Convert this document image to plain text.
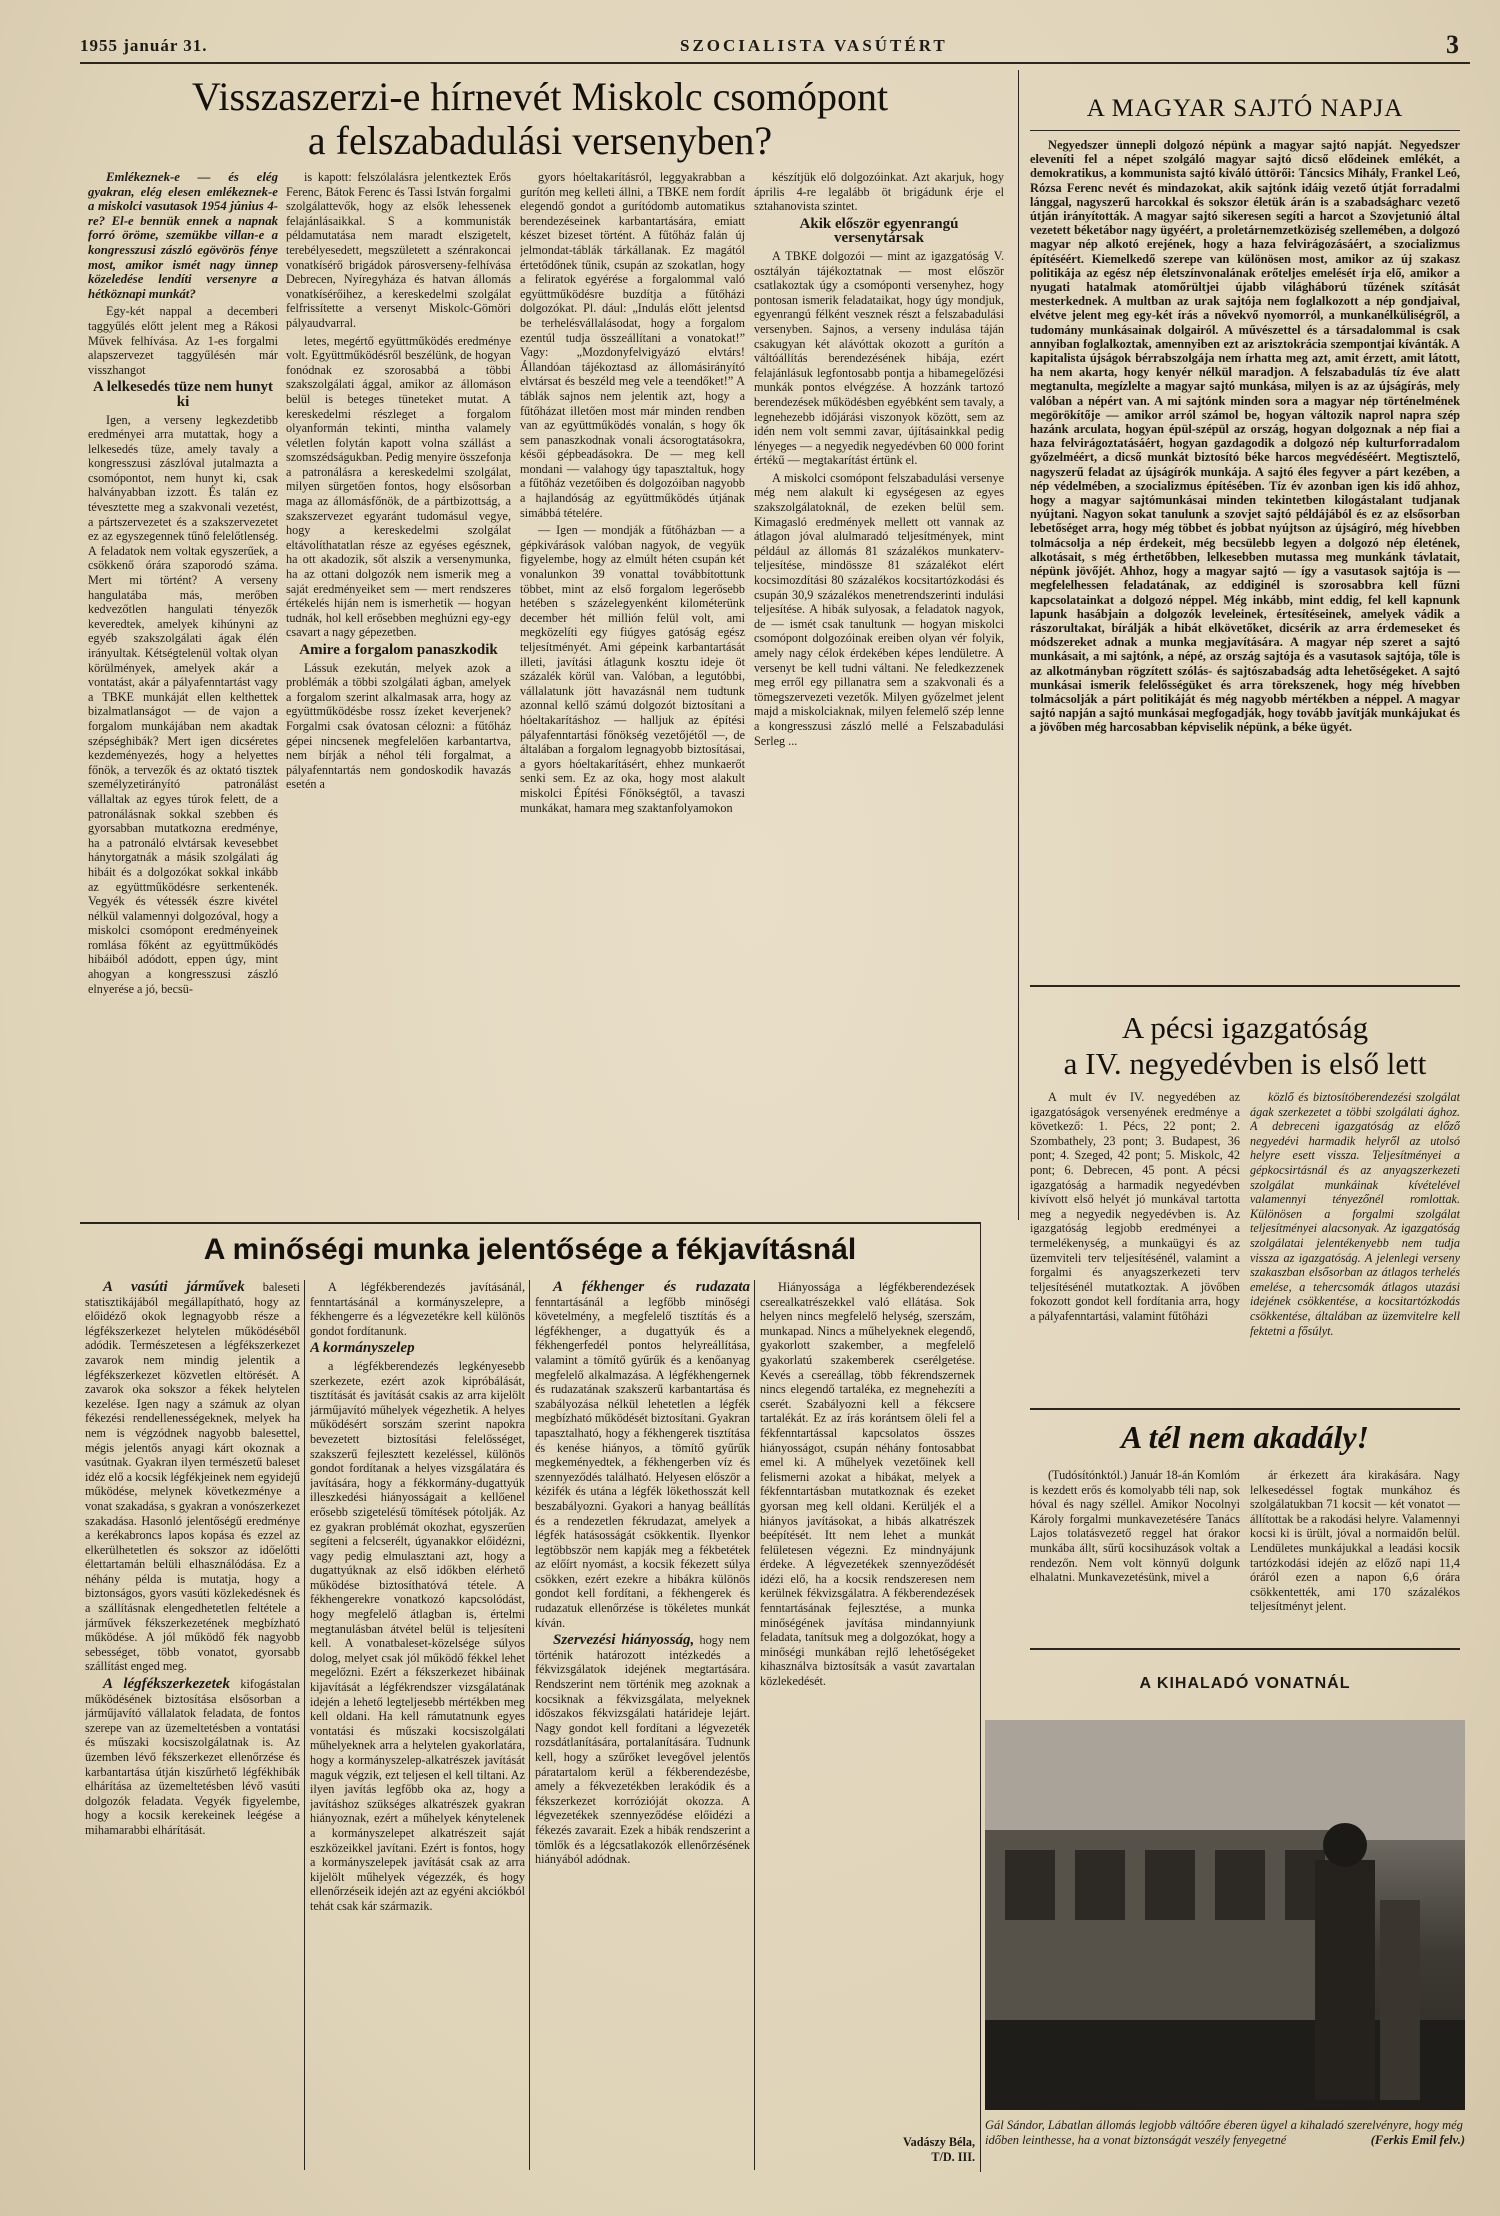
1955 január 31.	SZOCIALISTA VASÚTÉRT	3
Visszaszerzi-e hírnevét Miskolc csomópont
a felszabadulási versenyben?

Emlékeznek-e — és elég gyakran, elég elesen emlékeznek-e a miskolci vasutasok 1954 június 4-re? El-e bennük ennek a napnak forró öröme, szemükbe villan-e a kongresszusi zászló egövörös fénye most, amikor ismét nagy ünnep közeledése lendíti versenyre a hétköznapi munkát?

Egy-két nappal a decemberi taggyűlés előtt jelent meg a Rákosi Művek felhívása. Az 1-es forgalmi alapszervezet taggyűlésén már visszhangot

A lelkesedés tüze nem hunyt ki

Igen, a verseny legkezdetibb eredményei arra mutattak, hogy a lelkesedés tüze, amely tavaly a kongresszusi zászlóval jutalmazta a csomópontot, nem hunyt ki, csak halványabban izzott. És talán ez tévesztette meg a szakvonali vezetést, a pártszervezetet és a szakszervezetet ez az egyszegennek tűnő felelőtlenség. A feladatok nem voltak egyszerűek, a csökkenő órára szaporodó száma. Mert mi történt? A verseny hangulatába más, merőben kedvezőtlen hangulati tényezők keveredtek, amelyek kihúnyni az egyéb szakszolgálati ágak élén irányultak. Kétségtelenül voltak olyan körülmények, amelyek akár a vontatást, akár a pályafenntartást vagy a TBKE munkáját ellen kelthettek bizalmatlanságot — de vajon a forgalom munkájában nem akadtak szépséghibák? Mert igen dicséretes kezdeményezés, hogy a helyettes főnök, a tervezők és az oktató tisztek személyzetirányító patronálást vállaltak az egyes túrok felett, de a patronálásnak sokkal szebben és gyorsabban mutatkozna eredménye, ha a patronáló elvtársak kevesebbet hánytorgatnák a másik szolgálati ág hibáit és a dolgozókat sokkal inkább az együttműködésre serkentenék. Vegyék és vétessék észre kivétel nélkül valamennyi dolgozóval, hogy a miskolci csomópont eredményeinek romlása főként az együttműködés hibáiból adódott, eppen úgy, mint ahogyan a kongresszusi zászló elnyerése a jó, becsü-

is kapott: felszólalásra jelentkeztek Erős Ferenc, Bátok Ferenc és Tassi István forgalmi szolgálattevők, hogy az elsők lehessenek felajánlásaikkal. S a kommunisták példamutatása nem maradt elszigetelt, terebélyesedett, megszületett a szénrakoncai vonatkísérő brigádok párosverseny-felhívása Debrecen, Nyíregyháza és hatvan állomás vonatkísérőihez, a kereskedelmi szolgálat felfrissítette a versenyt Miskolc-Gömöri pályaudvarral.

letes, megértő együttműködés eredménye volt. Együttműködésről beszélünk, de hogyan fonódnak ez szorosabbá a többi szakszolgálati ággal, amikor az állomáson belül is beteges tüneteket mutat. A kereskedelmi részleget a forgalom olyanformán tekinti, mintha valamely véletlen folytán kapott volna szállást a szomszédságukban. Pedig menyire összefonja a patronálásra a kereskedelmi szolgálat, milyen sürgetően fontos, hogy elsősorban maga az állomásfőnök, de a pártbizottság, a szakszervezet egyaránt tudomásul vegye, hogy a kereskedelmi szolgálat eltávolíthatatlan része az egyéses egésznek, ha ott akadozik, sőt alszik a versenymunka, ha az ottani dolgozók nem ismerik meg a saját eredményeiket sem — mert rendszeres értékelés hiján nem is ismerhetik — hogyan tudnák, hol kell erősebben meghúzni egy-egy csavart a nagy gépezetben.

Amire a forgalom panaszkodik

Lássuk ezekután, melyek azok a problémák a többi szolgálati ágban, amelyek a forgalom szerint alkalmasak arra, hogy az együttműködésbe rossz ízeket keverjenek? Forgalmi csak óvatosan célozni: a fűtőház gépei nincsenek megfelelően karbantartva, nem bírják a néhol téli forgalmat, a pályafenntartás nem gondoskodik havazás esetén a

gyors hóeltakarításról, leggyakrabban a gurítón meg kelleti állni, a TBKE nem fordít elegendő gondot a gurítódomb automatikus berendezéseinek karbantartására, emiatt készet bizeset történt. A fűtőház falán új jelmondat-táblák tárkállanak. Ez magától értetődőnek tűnik, csupán az szokatlan, hogy a feliratok egyérése a forgalommal való együttműködésre buzdítja a fűtőházi dolgozókat. Pl. dául: „Indulás előtt jelentsd be terhelésvállalásodat, hogy a forgalom ezentúl tudja összeállítani a vonatokat!” Vagy: „Mozdonyfelvigyázó elvtárs! Állandóan tájékoztasd az állomásirányító elvtársat és beszéld meg vele a teendőket!” A táblák sajnos nem jelentik azt, hogy a fűtőházat illetően most már minden rendben van az együttműködés vonalán, s hogy ők sem panaszkodnak vonali ácsorogtatásokra, késői gépbeadásokra. De — meg kell mondani — valahogy úgy tapasztaltuk, hogy a fűtőház vezetőiben és dolgozóiban nagyobb a hajlandóság az együttműködés útjának simábbá tételére.

— Igen — mondják a fűtőházban — a gépkivárások valóban nagyok, de vegyük figyelembe, hogy az elmúlt héten csupán két vonalunkon 39 vonattal továbbítottunk többet, mint az első forgalom legerősebb hetében s százelegyenként kilométerünk december hét millión felül volt, ami megközelíti egy fiúgyes gatóság egész teljesítményét. Ami gépeink karbantartását illeti, javítási átlagunk kosztu ideje öt százalék körül van. Valóban, a legutóbbi, vállalatunk jött havazásnál nem tudtunk azonnal kellő számú dolgozót biztosítani a hóeltakarításhoz — halljuk az építési pályafenntartási főnökség vezetőjétől —, de általában a forgalom legnagyobb biztosításai, a gyors hóeltakarításért, ehhez munkaerőt senki sem. Ez az oka, hogy most alakult miskolci Építési Főnökségtől, a tavaszi munkákat, hamara meg szaktanfolyamokon

készítjük elő dolgozóinkat. Azt akarjuk, hogy április 4-re legalább öt brigádunk érje el sztahanovista szintet.

Akik először egyenrangú versenytársak

A TBKE dolgozói — mint az igazgatóság V. osztályán tájékoztatnak — most először csatlakoztak úgy a csomóponti versenyhez, hogy pontosan ismerik feladataikat, hogy úgy mondjuk, egyenrangú félként vesznek részt a felszabadulási versenyben. Sajnos, a verseny indulása táján csakugyan két alávóttak okozott a gurítón a váltóállítás berendezésének hibája, ezért felajánlásuk legfontosabb pontja a hibamegelőzési munkák pontos elvégzése. A hozzánk tartozó berendezések működésben egyébként sem tavaly, a legnehezebb időjárási viszonyok között, sem az idén nem volt semmi zavar, újításainkkal pedig lényeges — a negyedik negyedévben 60 000 forint értékű — megtakarítást értünk el.

A miskolci csomópont felszabadulási versenye még nem alakult ki egységesen az egyes szakszolgálatoknál, de ezeken belül sem. Kimagasló eredmények mellett ott vannak az átlagon jóval alulmaradó teljesítmények, mint például az állomás 81 százalékos munkaterv-teljesítése, mindössze 81 százalékot elért kocsimozdítási 80 százalékos kocsitartózkodási és csupán 30,9 százalékos menetrendszerinti indulási teljesítése. A hibák sulyosak, a feladatok nagyok, de — ismét csak tanultunk — hogyan miskolci csomópont dolgozóinak ereiben olyan vér folyik, amely nagy célok érdekében képes lendületre. A versenyt be kell tudni váltani. Ne feledkezzenek meg erről egy pillanatra sem a szakvonali és a tömegszervezeti vezetők. Milyen győzelmet jelent majd a miskolciaknak, milyen felemelő szép lenne a kongresszusi zászló mellé a Felszabadulási Serleg ...

A MAGYAR SAJTÓ NAPJA

Negyedszer ünnepli dolgozó népünk a magyar sajtó napját. Negyedszer eleveníti fel a népet szolgáló magyar sajtó dicső elődeinek emlékét, a demokratikus, a kommunista sajtó kiváló úttörői: Táncsics Mihály, Frankel Leó, Rózsa Ferenc nevét és mindazokat, akik sajtónk idáig vezető útját forradalmi lánggal, nagyszerű harcokkal és sokszor életük árán is a szabadságharc vezető útján irányították. A magyar sajtó sikeresen segíti a harcot a Szovjetunió által vezetett béketábor nagy ügyéért, a proletárnemzetköziség szellemében, a dolgozó magyar nép alkotó erejének, hogy a haza felvirágozásáért, a szocializmus építéséért. Kiemelkedő szerepe van különösen most, amikor az új szakasz politikája az egész nép életszínvonalának erőteljes emelését írja elő, amikor a nyugati hatalmak atomőrültjei újabb világháború tűzének szítását mesterkednek. A multban az urak sajtója nem foglalkozott a nép gondjaival, elvétve jelent meg egy-két írás a nővekvő nyomorról, a munkanélküliségről, a tudomány munkásainak dolgairól. A művészettel és a társadalommal is csak annyiban foglalkoztak, amennyiben ezt az arisztokrácia szempontjai kívánták. A kapitalista újságok bérrabszolgája nem írhatta meg azt, amit érzett, amit látott, ha nem akarta, hogy kenyér nélkül maradjon. A felszabadulás tíz éve alatt megtanulta, megízlelte a magyar sajtó munkása, milyen is az az újságírás, mely valóban a népért van. A mi sajtónk minden sora a magyar nép történelmének megörökítője — amikor arról számol be, hogyan változik naprol napra szép hazánk arculata, hogyan épül-szépül az ország, hogyan dolgoznak a nép fiai a haza felvirágoztatásáért, hogyan gazdagodik a dolgozó nép kulturforradalom győzelméért, a dicső munkát biztosító béke harcos megvédéséért. Megtisztelő, nagyszerű feladat az újságírók munkája. A sajtó éles fegyver a párt kezében, a nép védelmében, a szocializmus építésében. Tíz év azonban igen kis idő ahhoz, hogy a magyar sajtómunkásai minden tekintetben kilogástalant tudjanak nyújtani. Nagyon sokat tanulunk a szovjet sajtó példájából és ez az elsősorban lebetőséget arra, hogy még többet és jobbat nyújtson az újságíró, még hívebben tolmácsolja a nép érdekeit, még becsülebb legyen a dolgozó nép életének, alkotásait, s még érthetőbben, lelkesebben mutassa meg munkánk távlatait, népünk jövőjét. Ahhoz, hogy a magyar sajtó — így a vasutasok sajtója is — megfelelhessen feladatának, az eddiginél is szorosabbra kell fűzni kapcsolatainkat a dolgozó néppel. Még inkább, mint eddig, fel kell kapnunk lapunk hasábjain a dolgozók leveleinek, értesítéseinek, amelyek vádik a rászorultakat, bírálják a hibát elkövetőket, dicsérik az arra érdemeseket és módszereket adnak a munka megjavítására. A magyar nép szeret a sajtó munkásait, a mi sajtónk, a népé, az ország sajtója és a vasutasok sajtója, tőle is az alkotmányban rögzített szólás- és sajtószabadság adta lehetőségeket. A sajtó munkásai ismerik felelősségüket és arra törekszenek, hogy még hívebben tolmácsolják a párt politikáját és még nagyobb mértékben a néppel. A magyar sajtó napján a sajtó munkásai megfogadják, hogy tovább javítják munkájukat és a jövőben még harcosabban képviselik népünk, a béke ügyét.

A pécsi igazgatóság
a IV. negyedévben is első lett

A mult év IV. negyedében az igazgatóságok versenyének eredménye a következő: 1. Pécs, 22 pont; 2. Szombathely, 23 pont; 3. Budapest, 36 pont; 4. Szeged, 42 pont; 5. Miskolc, 42 pont; 6. Debrecen, 45 pont. A pécsi igazgatóság a harmadik negyedévben kivívott első helyét jó munkával tartotta meg a negyedik negyedévben is. Az igazgatóság legjobb eredményei a termelékenység, a munkaügyi és az üzemviteli terv teljesítésénél, valamint a forgalmi és anyagszerkezeti terv teljesítésénél mutatkoztak. A jövőben fokozott gondot kell fordítania arra, hogy a pályafenntartási, valamint fűtőházi

közlő és biztosítóberendezési szolgálat ágak szerkezetet a többi szolgálati ághoz. A debreceni igazgatóság az előző negyedévi harmadik helyről az utolsó helyre esett vissza. Teljesítményei a gépkocsirtásnál és az anyagszerkezeti szolgálat munkáinak kívételével valamennyi tényezőnél romlottak. Különösen a forgalmi szolgálat teljesítményei alacsonyak. Az igazgatóság szolgálatai jelentékenyebb nem tudja vissza az igazgatóság. A jelenlegi verseny szakaszban elsősorban az átlagos terhelés emelése, a tehercsomák átlagos utazási idejének csökkentése, a kocsitartózkodás csökkentése, általában az üzemvitelre kell fektetni a fősúlyt.

A tél nem akadály!

(Tudósítónktól.) Január 18-án Komlóm is kezdett erős és komolyabb téli nap, sok hóval és nagy széllel. Amikor Nocolnyi Károly forgalmi munkavezetésére Tanács Lajos tolatásvezető reggel hat órakor munkába állt, sűrű kocsihuzások voltak a rendezőn. Nem volt könnyű dolgunk elhalatni. Munkavezetésünk, mivel a

ár érkezett ára kirakására. Nagy lelkesedéssel fogtak munkához és szolgálatukban 71 kocsit — két vonatot — állítottak be a rakodási helyre. Valamennyi kocsi ki is ürült, jóval a normaidőn belül. Lendületes munkájukkal a leadási kocsik tartózkodási idején az előző napi 11,4 óráról ezen a napon 6,6 órára csökkentették, ami 170 százalékos teljesítményt jelent.

A KIHALADÓ VONATNÁL
Gál Sándor, Lábatlan állomás legjobb váltóőre éberen ügyel a kihaladó szerelvényre, hogy még időben leinthesse, ha a vonat biztonságát veszély fenyegetné	(Ferkis Emil felv.)
A minőségi munka jelentősége a fékjavításnál

A vasúti járművek baleseti statisztikájából megállapítható, hogy az előidéző okok legnagyobb része a légfékszerkezet helytelen működéséből adódik. Természetesen a légfékszerkezet zavarok nem mindig jelentik a légfékszerkezet közvetlen eltörését. A zavarok oka sokszor a fékek helytelen kezelése. Igen nagy a számuk az olyan fékezési rendellenességeknek, melyek ha nem is végzódnek nagyobb balesettel, mégis jelentős anyagi kárt okoznak a vasútnak. Gyakran ilyen természetű baleset idéz elő a kocsik légfékjeinek nem egyidejű működése, melynek következménye a vonat szakadása, s gyakran a vonószerkezet szakadása. Hasonló jelentőségű eredménye a kerékabroncs lapos kopása és ezzel az elkerülhetetlen és sokszor az időelőtti élettartamán belüli elhasználódása. Ez a néhány példa is mutatja, hogy a biztonságos, gyors vasúti közlekedésnek és a szállításnak elengedhetetlen feltétele a járművek fékszerkezetének megbízható működése. A jól működő fék nagyobb sebességet, több vonatot, gyorsabb szállítást enged meg.

A légfékszerkezetek kifogástalan működésének biztosítása elsősorban a járműjavító vállalatok feladata, de fontos szerepe van az üzemeltetésben a vontatási és műszaki kocsiszolgálatnak is. Az üzemben lévő fékszerkezet ellenőrzése és karbantartása útján kiszűrhető légfékhibák elhárítása az üzemeltetésben lévő vasúti dolgozók feladata. Vegyék figyelembe, hogy a kocsik kerekeinek leégése a mihamarabbi elhárítását.

A légfékberendezés javításánál, fenntartásánál a kormányszelepre, a fékhengerre és a légvezetékre kell különös gondot fordítanunk.

A kormányszelep

a légfékberendezés legkényesebb szerkezete, ezért azok kipróbálását, tisztítását és javítását csakis az arra kijelölt járműjavító műhelyek végezhetik. A helyes működésért sorszám szerint napokra bevezetett biztosítási felelősséget, szakszerű fejlesztett kezeléssel, különös gondot fordítanak a helyes vizsgálatára és javítására, hogy a fékkormány-dugattyúk illeszkedési hiányosságait a kellőenel erősebb szigetelésű tömítések pótolják. Az ez gyakran problémát okozhat, egyszerűen segíteni a felcserélt, úgyanakkor előidézni, vagy pedig elmulasztani azt, hogy a dugattyúknak az első időkben elérhető működése biztosíthatóvá tétele. A fékhengerekre vonatkozó kapcsolódást, hogy megfelelő átlagban is, értelmi megtanulásban átvétel belül is teljesíteni kell. A vonatbaleset-közelsége súlyos dolog, melyet csak jól működő fékkel lehet megelőzni. Ezért a fékszerkezet hibáinak kijavítását a légfékrendszer vizsgálatának idején a lehető legteljesebb mértékben meg kell oldani. Ha kell rámutatnunk egyes vontatási és műszaki kocsiszolgálati műhelyeknek arra a helytelen gyakorlatára, hogy a kormányszelep-alkatrészek javítását maguk végzik, ezt teljesen el kell tiltani. Az ilyen javítás legfőbb oka az, hogy a javításhoz szükséges alkatrészek gyakran hiányoznak, ezért a műhelyek kénytelenek a kormányszelepet alkatrészeit saját eszközeikkel javítani. Ezért is fontos, hogy a kormányszelepek javítását csak az arra kijelölt műhelyek végezzék, és hogy ellenőrzéseik idején azt az egyéni akciókból tehát csak kár származik.

A fékhenger és rudazata fenntartásánál a legfőbb minőségi követelmény, a megfelelő tisztítás és a légfékhenger, a dugattyúk és a fékhengerfedél pontos helyreállítása, valamint a tömítő gyűrűk és a kenőanyag megfelelő alkalmazása. A légfékhengernek és rudazatának szakszerű karbantartása és szabályozása nélkül lehetetlen a légfék megbízható működését biztosítani. Gyakran tapasztalható, hogy a fékhengerek tisztítása és kenése hiányos, a tömítő gyűrűk megkeményedtek, a fékhengerben víz és szennyeződés található. Helyesen először a kézifék és utána a légfék lökethosszát kell beszabályozni. Gyakori a hanyag beállítás és a rendezetlen fékrudazat, amelyek a légfék hatásosságát csökkentik. Ilyenkor legtöbbször nem kapják meg a fékbetétek az előírt nyomást, a kocsik fékezett súlya csökken, ezért ezekre a hibákra különös gondot kell fordítani, a fékhengerek és rudazatuk ellenőrzése is tökéletes munkát kíván.

Szervezési hiányosság, hogy nem történik határozott intézkedés a fékvizsgálatok idejének megtartására. Rendszerint nem történik meg azoknak a kocsiknak a fékvizsgálata, melyeknek időszakos fékvizsgálati határideje lejárt. Nagy gondot kell fordítani a légvezeték rozsdátlanítására, portalanítására. Tudnunk kell, hogy a szűrőket levegővel jelentős páratartalom kerül a fékberendezésbe, amely a fékvezetékben lerakódik és a fékszerkezet korrózióját okozza. A légvezetékek szennyeződése előidézi a fékezés zavarait. Ezek a hibák rendszerint a tömlők és a légcsatlakozók ellenőrzésének hiányából adódnak.

Hiányossága a légfékberendezések cserealkatrészekkel való ellátása. Sok helyen nincs megfelelő helység, szerszám, munkapad. Nincs a műhelyeknek elegendő, gyakorlott szakember, a megfelelő gyakorlatú szakemberek cserélgetése. Kevés a csereállag, több fékrendszernek nincs elegendő tartaléka, ez megnehezíti a cserét. Szabályozni kell a fékcsere tartalékát. Ez az írás korántsem öleli fel a fékfenntartással kapcsolatos összes hiányosságot, csupán néhány fontosabbat emel ki. A műhelyek vezetőinek kell felismerni azokat a hibákat, melyek a fékfenntartásban mutatkoznak és ezeket gyorsan meg kell oldani. Kerüljék el a hiányos javításokat, a hibás alkatrészek beépítését. Itt nem lehet a munkát felületesen végezni. Ez mindnyájunk érdeke. A légvezetékek szennyeződését idézi elő, ha a kocsik rendszeresen nem kerülnek fékvizsgálatra. A fékberendezések fenntartásának fejlesztése, a munka minőségének javítása mindannyiunk feladata, tanítsuk meg a dolgozókat, hogy a minőségi munkában rejlő lehetőségeket kihasználva biztosítsák a vasút zavartalan közlekedését.

Vadászy Béla,
T/D. III.
